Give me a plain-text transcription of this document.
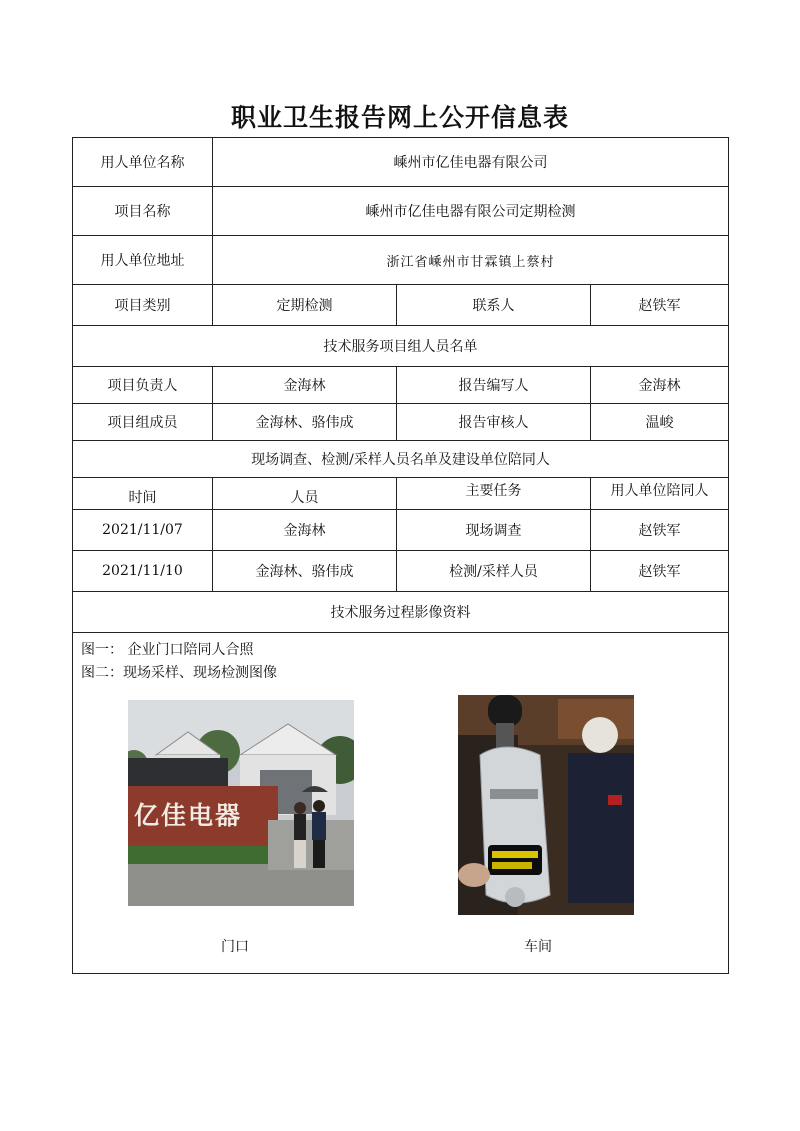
职业卫生报告网上公开信息表
用人单位名称	嵊州市亿佳电器有限公司		
项目名称	嵊州市亿佳电器有限公司定期检测		
用人单位地址	浙江省嵊州市甘霖镇上蔡村		
项目类别	定期检测	联系人	赵铁军
技术服务项目组人员名单			
项目负责人	金海林	报告编写人	金海林
项目组成员	金海林、骆伟成	报告审核人	温峻
现场调查、检测/采样人员名单及建设单位陪同人			
时间	人员	主要任务	用人单位陪同人
2021/11/07	金海林	现场调查	赵铁军
2021/11/10	金海林、骆伟成	检测/采样人员	赵铁军
技术服务过程影像资料			

图一： 企业门口陪同人合照
图二：现场采样、现场检测图像
亿佳电器
门口 车间			
